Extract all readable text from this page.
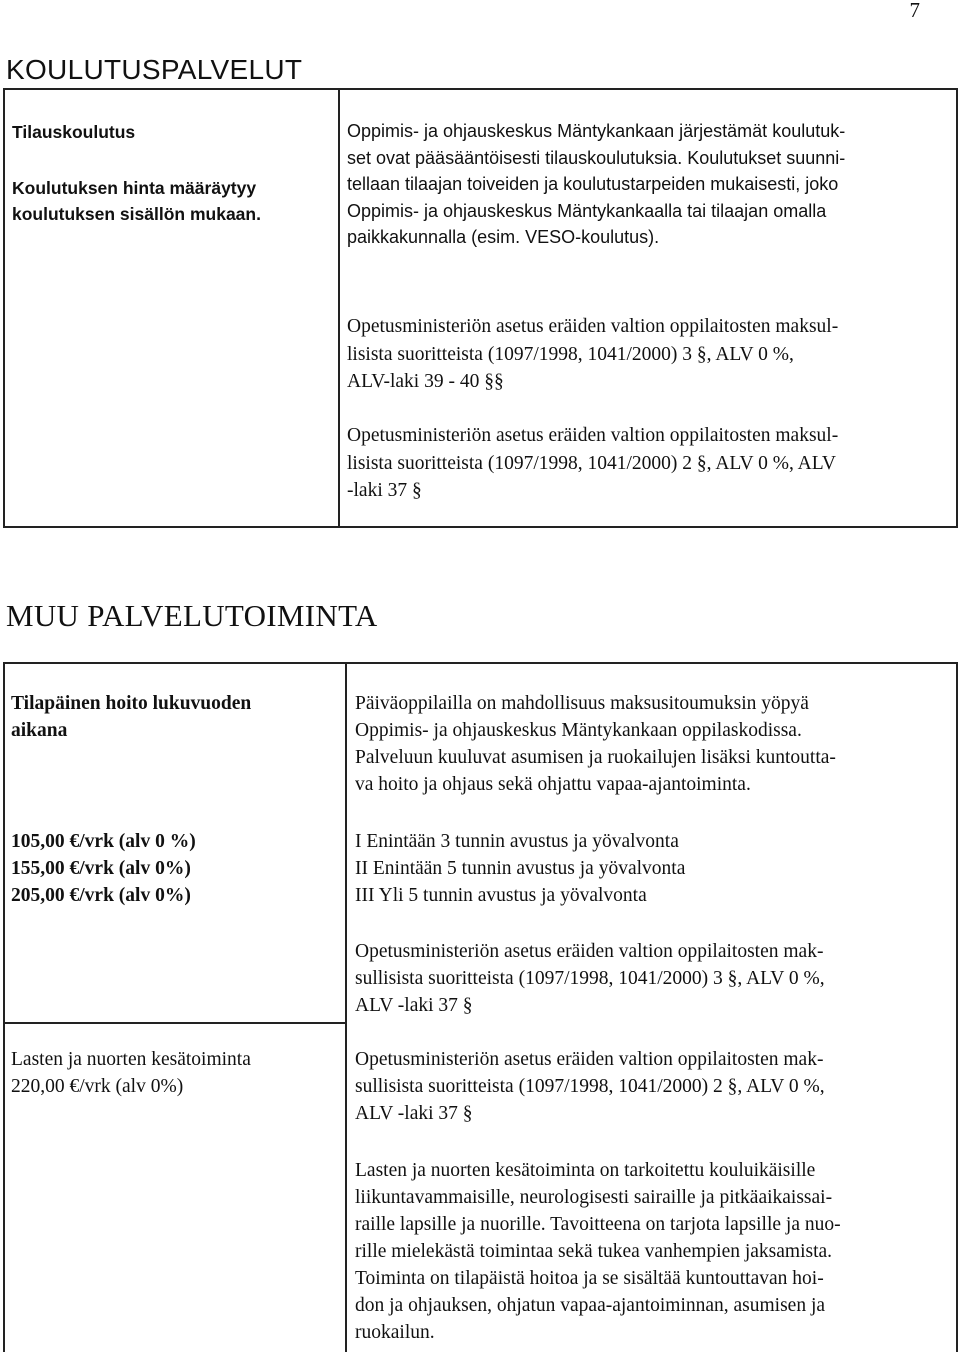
7
KOULUTUSPALVELUT

Tilauskoulutus

Koulutuksen hinta määräytyy
koulutuksen sisällön mukaan.

Oppimis- ja ohjauskeskus Mäntykankaan järjestämät koulutuk-
set ovat pääsääntöisesti tilauskoulutuksia. Koulutukset suunni-
tellaan tilaajan toiveiden ja koulutustarpeiden mukaisesti, joko
Oppimis- ja ohjauskeskus Mäntykankaalla tai tilaajan omalla
paikkakunnalla (esim. VESO-koulutus).

Opetusministeriön asetus eräiden valtion oppilaitosten maksul-
lisista suoritteista (1097/1998, 1041/2000) 3 §, ALV 0 %,
ALV-laki 39 - 40 §§

Opetusministeriön asetus eräiden valtion oppilaitosten maksul-
lisista suoritteista (1097/1998, 1041/2000) 2 §, ALV 0 %, ALV
-laki 37 §

MUU PALVELUTOIMINTA

Tilapäinen hoito lukuvuoden
aikana

105,00 €/vrk (alv 0 %)
155,00 €/vrk (alv 0%)
205,00 €/vrk (alv 0%)

Päiväoppilailla on mahdollisuus maksusitoumuksin yöpyä
Oppimis- ja ohjauskeskus Mäntykankaan oppilaskodissa.
Palveluun kuuluvat asumisen ja ruokailujen lisäksi kuntoutta-
va hoito ja ohjaus sekä ohjattu vapaa-ajantoiminta.

I Enintään 3 tunnin avustus ja yövalvonta
II Enintään 5 tunnin avustus ja yövalvonta
III Yli 5 tunnin avustus ja yövalvonta

Opetusministeriön asetus eräiden valtion oppilaitosten mak-
sullisista suoritteista (1097/1998, 1041/2000) 3 §, ALV 0 %,
ALV -laki 37 §

Lasten ja nuorten kesätoiminta
220,00 €/vrk (alv 0%)

Opetusministeriön asetus eräiden valtion oppilaitosten mak-
sullisista suoritteista (1097/1998, 1041/2000) 2 §, ALV 0 %,
ALV -laki 37 §

Lasten ja nuorten kesätoiminta on tarkoitettu kouluikäisille
liikuntavammaisille, neurologisesti sairaille ja pitkäaikaissai-
raille lapsille ja nuorille. Tavoitteena on tarjota lapsille ja nuo-
rille mielekästä toimintaa sekä tukea vanhempien jaksamista.
Toiminta on tilapäistä hoitoa ja se sisältää kuntouttavan hoi-
don ja ohjauksen, ohjatun vapaa-ajantoiminnan, asumisen ja
ruokailun.
